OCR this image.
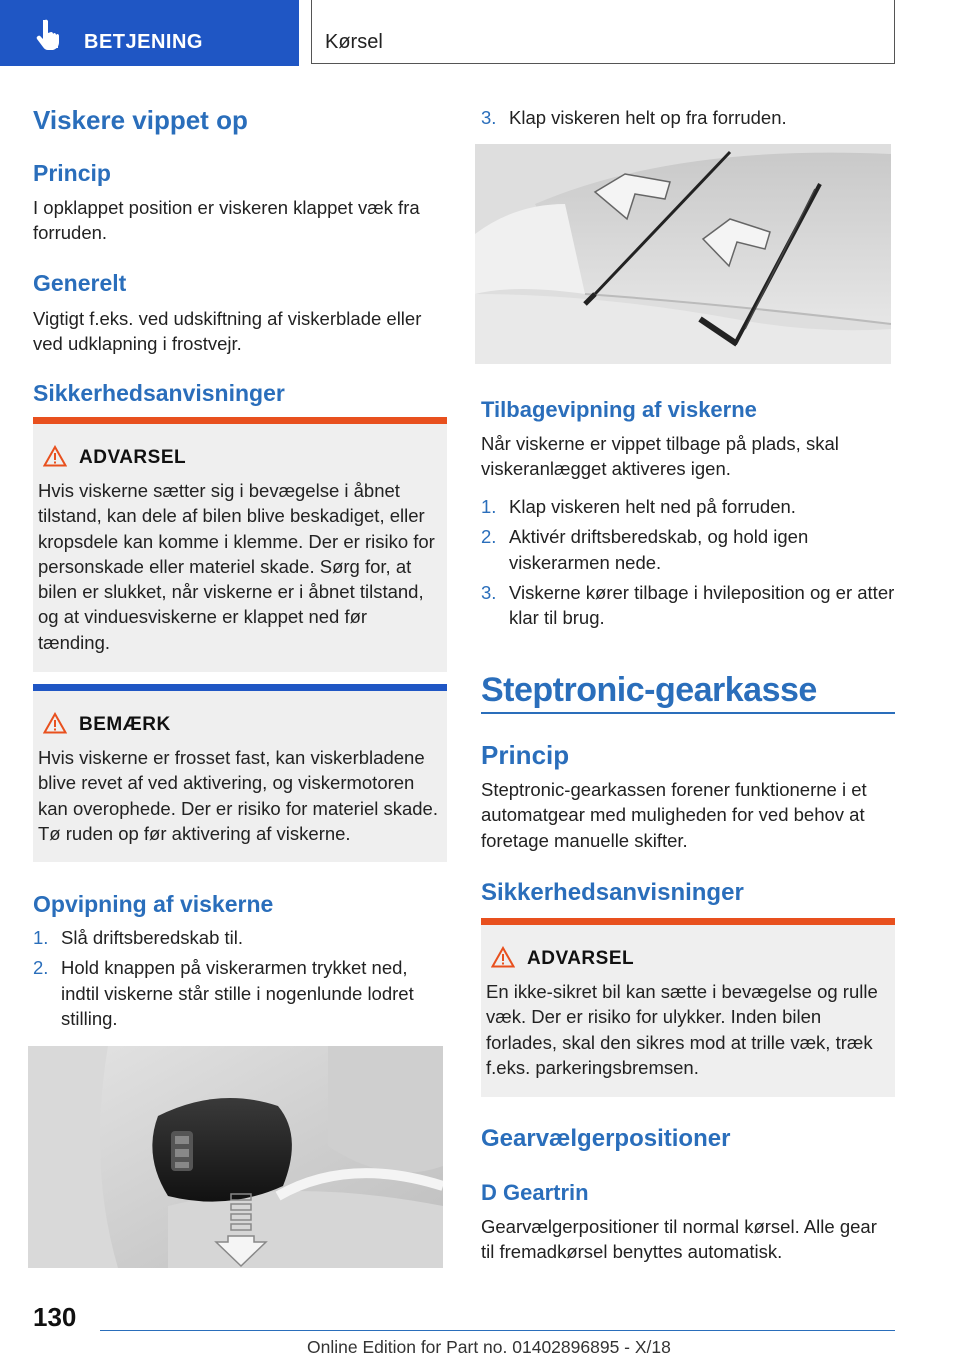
BETJENING	Kørsel
Viskere vippet op
Princip

I opklappet position er viskeren klappet væk fra forruden.

Generelt

Vigtigt f.eks. ved udskiftning af viskerblade eller ved udklapning i frostvejr.

Sikkerhedsanvisninger
ADVARSEL

Hvis viskerne sætter sig i bevægelse i åbnet tilstand, kan dele af bilen blive beskadiget, eller kropsdele kan komme i klemme. Der er risiko for personskade eller materiel skade. Sørg for, at bilen er slukket, når viskerne er i åbnet tilstand, og at vinduesviskerne er klappet ned før tænding.

BEMÆRK

Hvis viskerne er frosset fast, kan viskerbladene blive revet af ved aktivering, og viskermotoren kan overophede. Der er risiko for materiel skade. Tø ruden op før aktivering af viskerne.

Opvipning af viskerne
1. Slå driftsberedskab til.
2. Hold knappen på viskerarmen trykket ned, indtil viskerne står stille i nogenlunde lodret stilling.
3. Klap viskeren helt op fra forruden.
Tilbagevipning af viskerne

Når viskerne er vippet tilbage på plads, skal viskeranlægget aktiveres igen.

1. Klap viskeren helt ned på forruden.
2. Aktivér driftsberedskab, og hold igen viskerarmen nede.
3. Viskerne kører tilbage i hvileposition og er atter klar til brug.
Steptronic-gearkasse
Princip

Steptronic-gearkassen forener funktionerne i et automatgear med muligheden for ved behov at foretage manuelle skifter.

Sikkerhedsanvisninger
ADVARSEL

En ikke-sikret bil kan sætte i bevægelse og rulle væk. Der er risiko for ulykker. Inden bilen forlades, skal den sikres mod at trille væk, træk f.eks. parkeringsbremsen.

Gearvælgerpositioner
D Geartrin

Gearvælgerpositioner til normal kørsel. Alle gear til fremadkørsel benyttes automatisk.

130
Online Edition for Part no. 01402896895 - X/18
